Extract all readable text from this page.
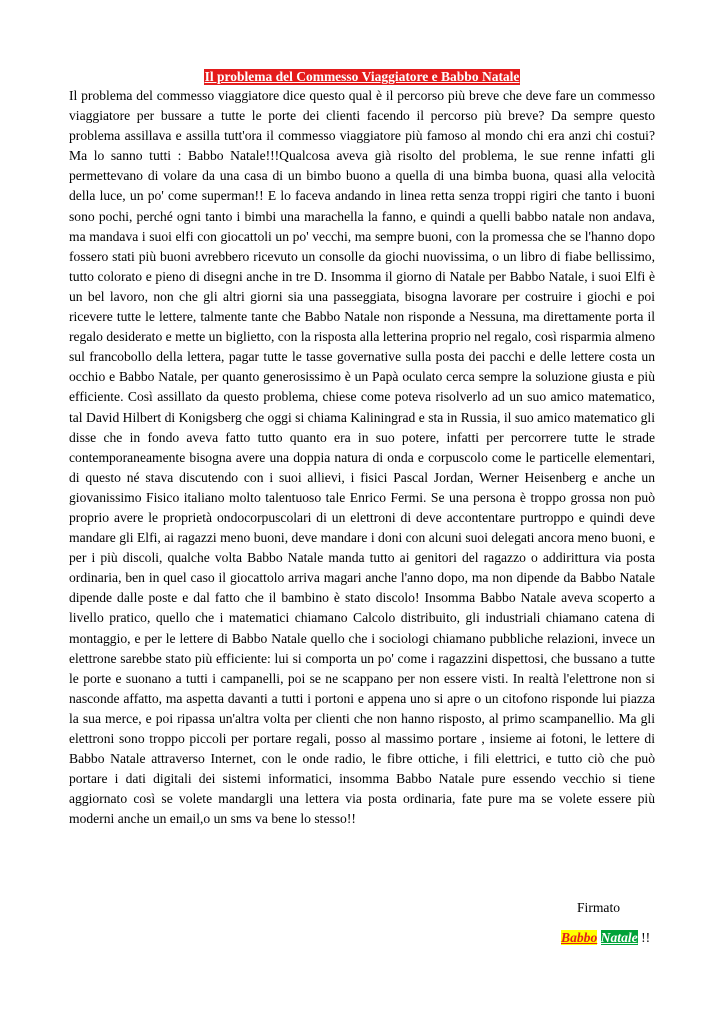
Il problema del Commesso Viaggiatore e Babbo Natale

Il problema del commesso viaggiatore dice questo qual è il percorso più breve che deve fare un commesso viaggiatore per bussare a tutte le porte dei clienti facendo il percorso più breve? Da sempre questo problema assillava e assilla tutt'ora il commesso viaggiatore più famoso al mondo chi era anzi chi costui? Ma lo sanno tutti : Babbo Natale!!!Qualcosa aveva già risolto del problema, le sue renne infatti gli permettevano di volare da una casa di un bimbo buono a quella di una bimba buona, quasi alla velocità della luce, un po' come superman!! E lo faceva andando in linea retta senza troppi rigiri che tanto i buoni sono pochi, perché ogni tanto i bimbi una marachella la fanno, e quindi a quelli babbo natale non andava, ma mandava i suoi elfi con giocattoli un po' vecchi, ma sempre buoni, con la promessa che se l'hanno dopo fossero stati più buoni avrebbero ricevuto un consolle da giochi nuovissima, o un libro di fiabe bellissimo, tutto colorato e pieno di disegni anche in tre D. Insomma il giorno di Natale per Babbo Natale, i suoi Elfi è un bel lavoro, non che gli altri giorni sia una passeggiata, bisogna lavorare per costruire i giochi e poi ricevere tutte le lettere, talmente tante che Babbo Natale non risponde a Nessuna, ma direttamente porta il regalo desiderato e mette un biglietto, con la risposta alla letterina proprio nel regalo, così risparmia almeno sul francobollo della lettera, pagar tutte le tasse governative sulla posta dei pacchi e delle lettere costa un occhio e Babbo Natale, per quanto generosissimo è un Papà oculato cerca sempre la soluzione giusta e più efficiente. Così assillato da questo problema, chiese come poteva risolverlo ad un suo amico matematico, tal David Hilbert di Konigsberg che oggi si chiama Kaliningrad e sta in Russia, il suo amico matematico gli disse che in fondo aveva fatto tutto quanto era in suo potere, infatti per percorrere tutte le strade contemporaneamente bisogna avere una doppia natura di onda e corpuscolo come le particelle elementari, di questo né stava discutendo con i suoi allievi, i fisici Pascal Jordan, Werner Heisenberg e anche un giovanissimo Fisico italiano molto talentuoso tale Enrico Fermi. Se una persona è troppo grossa non può proprio avere le proprietà ondocorpuscolari di un elettroni di deve accontentare purtroppo e quindi deve mandare gli Elfi, ai ragazzi meno buoni, deve mandare i doni con alcuni suoi delegati ancora meno buoni, e per i più discoli, qualche volta Babbo Natale manda tutto ai genitori del ragazzo o addirittura via posta ordinaria, ben in quel caso il giocattolo arriva magari anche l'anno dopo, ma non dipende da Babbo Natale dipende dalle poste e dal fatto che il bambino è stato discolo! Insomma Babbo Natale aveva scoperto a livello pratico, quello che i matematici chiamano Calcolo distribuito, gli industriali chiamano catena di montaggio, e per le lettere di Babbo Natale quello che i sociologi chiamano pubbliche relazioni, invece un elettrone sarebbe stato più efficiente: lui si comporta un po' come i ragazzini dispettosi, che bussano a tutte le porte e suonano a tutti i campanelli, poi se ne scappano per non essere visti. In realtà l'elettrone non si nasconde affatto, ma aspetta davanti a tutti i portoni e appena uno si apre o un citofono risponde lui piazza la sua merce, e poi ripassa un'altra volta per clienti che non hanno risposto, al primo scampanellio. Ma gli elettroni sono troppo piccoli per portare regali, posso al massimo portare , insieme ai fotoni, le lettere di Babbo Natale attraverso Internet, con le onde radio, le fibre ottiche, i fili elettrici, e tutto ciò che può portare i dati digitali dei sistemi informatici, insomma Babbo Natale pure essendo vecchio si tiene aggiornato così se volete mandargli una lettera via posta ordinaria, fate pure ma se volete essere più moderni anche un email,o un sms va bene lo stesso!!

Firmato
Babbo Natale !!
